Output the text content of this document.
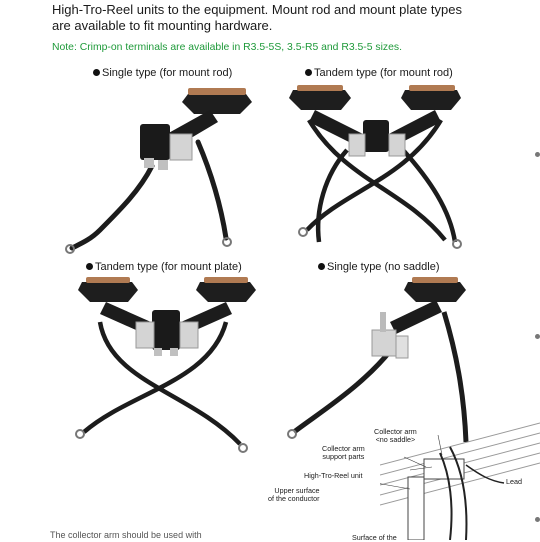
High-Tro-Reel units to the equipment. Mount rod and mount plate types
are available to fit mounting hardware.
Note: Crimp-on terminals are available in R3.5-5S, 3.5-R5 and R3.5-5 sizes.
Single type (for mount rod)	Tandem type (for mount rod)
Tandem type (for mount plate)	Single type (no saddle)
Collector arm
<no saddle>
Collector arm
support parts
High-Tro-Reel unit
Upper surface
of the conductor
Lead
Surface of the
The collector arm should be used with
